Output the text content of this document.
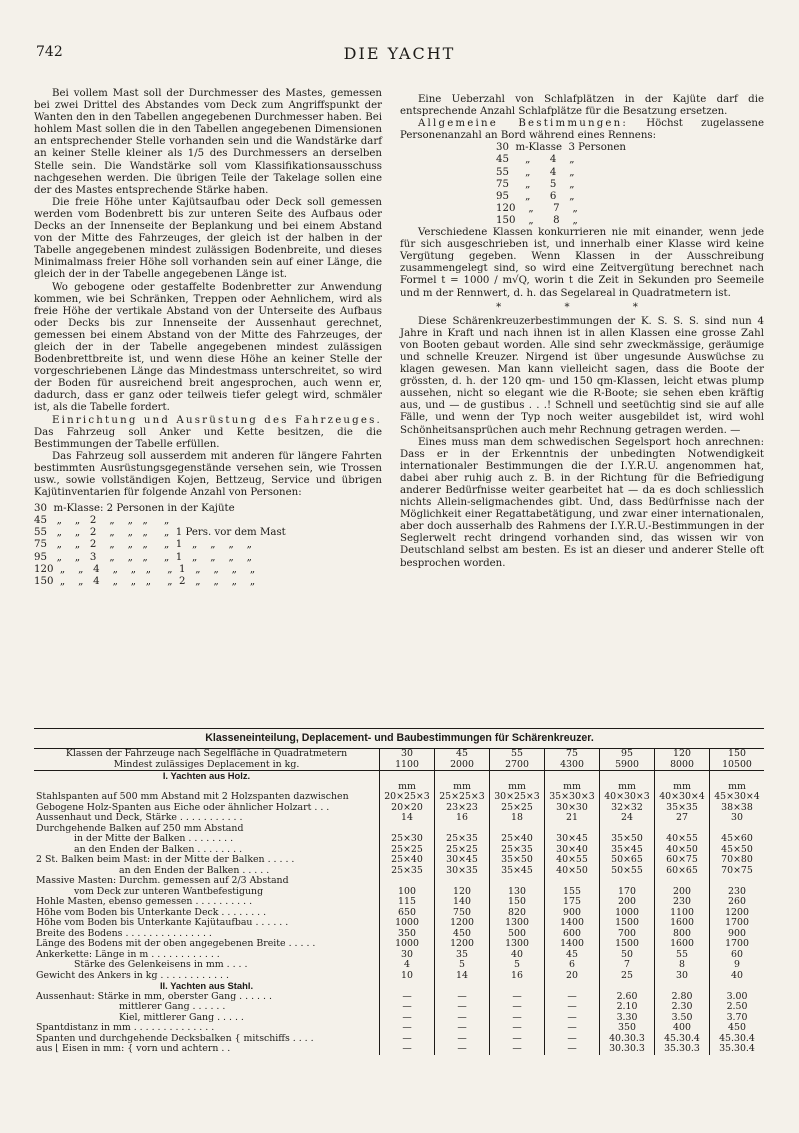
742	DIE YACHT

Bei vollem Mast soll der Durchmesser des Mastes, gemessen bei zwei Drittel des Abstandes vom Deck zum Angriffspunkt der Wanten den in den Tabellen angegebenen Durchmesser haben. Bei hohlem Mast sollen die in den Tabellen angegebenen Dimensionen an entsprechender Stelle vorhanden sein und die Wandstärke darf an keiner Stelle kleiner als 1/5 des Durchmessers an derselben Stelle sein. Die Wandstärke soll vom Klassifikationsausschuss nachgesehen werden. Die übrigen Teile der Takelage sollen eine der des Mastes entsprechende Stärke haben.

Die freie Höhe unter Kajütsaufbau oder Deck soll gemessen werden vom Bodenbrett bis zur unteren Seite des Aufbaus oder Decks an der Innenseite der Beplankung und bei einem Abstand von der Mitte des Fahrzeuges, der gleich ist der halben in der Tabelle angegebenen mindest zulässigen Bodenbreite, und dieses Minimalmass freier Höhe soll vorhanden sein auf einer Länge, die gleich der in der Tabelle angegebenen Länge ist.

Wo gebogene oder gestaffelte Bodenbretter zur Anwendung kommen, wie bei Schränken, Treppen oder Aehnlichem, wird als freie Höhe der vertikale Abstand von der Unterseite des Aufbaus oder Decks bis zur Innenseite der Aussenhaut gerechnet, gemessen bei einem Abstand von der Mitte des Fahrzeuges, der gleich der in der Tabelle angegebenen mindest zulässigen Bodenbrettbreite ist, und wenn diese Höhe an keiner Stelle der vorgeschriebenen Länge das Mindestmass unterschreitet, so wird der Boden für ausreichend breit angesprochen, auch wenn er, dadurch, dass er ganz oder teilweis tiefer gelegt wird, schmäler ist, als die Tabelle fordert.

Einrichtung und Ausrüstung des Fahrzeuges. Das Fahrzeug soll Anker und Kette besitzen, die die Bestimmungen der Tabelle erfüllen.

Das Fahrzeug soll ausserdem mit anderen für längere Fahrten bestimmten Ausrüstungsgegenstände versehen sein, wie Trossen usw., sowie vollständigen Kojen, Bettzeug, Service und übrigen Kajütinventarien für folgende Anzahl von Personen:

30  m-Klasse: 2 Personen in der Kajüte
45   „    „   2    „    „   „     „
55   „    „   2    „    „   „     „  1 Pers. vor dem Mast
75   „    „   2    „    „   „     „  1   „    „    „    „
95   „    „   3    „    „   „     „  1   „    „    „    „
120  „    „   4    „    „   „     „  1   „    „    „    „
150  „    „   4    „    „   „     „  2   „    „    „    „

Eine Ueberzahl von Schlafplätzen in der Kajüte darf die entsprechende Anzahl Schlafplätze für die Besatzung ersetzen.

Allgemeine Bestimmungen: Höchst zugelassene Personenanzahl an Bord während eines Rennens:

30  m-Klasse  3 Personen
45     „      4    „
55     „      4    „
75     „      5    „
95     „      6    „
120    „      7    „
150    „      8    „

Verschiedene Klassen konkurrieren nie mit einander, wenn jede für sich ausgeschrieben ist, und innerhalb einer Klasse wird keine Vergütung gegeben. Wenn Klassen in der Ausschreibung zusammengelegt sind, so wird eine Zeitvergütung berechnet nach Formel t = 1000 / m√Q, worin t die Zeit in Sekunden pro Seemeile und m der Rennwert, d. h. das Segelareal in Quadratmetern ist.

* * *

Diese Schärenkreuzerbestimmungen der K. S. S. S. sind nun 4 Jahre in Kraft und nach ihnen ist in allen Klassen eine grosse Zahl von Booten gebaut worden. Alle sind sehr zweckmässige, geräumige und schnelle Kreuzer. Nirgend ist über ungesunde Auswüchse zu klagen gewesen. Man kann vielleicht sagen, dass die Boote der grössten, d. h. der 120 qm- und 150 qm-Klassen, leicht etwas plump aussehen, nicht so elegant wie die R-Boote; sie sehen eben kräftig aus, und — de gustibus . . .! Schnell und seetüchtig sind sie auf alle Fälle, und wenn der Typ noch weiter ausgebildet ist, wird wohl Schönheitsansprüchen auch mehr Rechnung getragen werden. —

Eines muss man dem schwedischen Segelsport hoch anrechnen: Dass er in der Erkenntnis der unbedingten Notwendigkeit internationaler Bestimmungen die der I.Y.R.U. angenommen hat, dabei aber ruhig auch z. B. in der Richtung für die Befriedigung anderer Bedürfnisse weiter gearbeitet hat — da es doch schliesslich nichts Allein-seligmachendes gibt. Und, dass Bedürfnisse nach der Möglichkeit einer Regattabetätigung, und zwar einer internationalen, aber doch ausserhalb des Rahmens der I.Y.R.U.-Bestimmungen in der Seglerwelt recht dringend vorhanden sind, das wissen wir von Deutschland selbst am besten. Es ist an dieser und anderer Stelle oft besprochen worden.

Klasseneinteilung, Deplacement- und Baubestimmungen für Schärenkreuzer.
Klassen der Fahrzeuge nach Segelfläche in Quadratmetern	30	45	55	75	95	120	150
Mindest zulässiges Deplacement in kg.	1100	2000	2700	4300	5900	8000	10500
I. Yachten aus Holz.							
	mm	mm	mm	mm	mm	mm	mm
Stahlspanten auf 500 mm Abstand mit 2 Holzspanten dazwischen	20×25×3	25×25×3	30×25×3	35×30×3	40×30×3	40×30×4	45×30×4
Gebogene Holz-Spanten aus Eiche oder ähnlicher Holzart . . .	20×20	23×23	25×25	30×30	32×32	35×35	38×38
Aussenhaut und Deck, Stärke . . . . . . . . . . .	14	16	18	21	24	27	30
Durchgehende Balken auf 250 mm Abstand							
in der Mitte der Balken . . . . . . . .	25×30	25×35	25×40	30×45	35×50	40×55	45×60
an den Enden der Balken . . . . . . . .	25×25	25×25	25×35	30×40	35×45	40×50	45×50
2 St. Balken beim Mast: in der Mitte der Balken . . . . .	25×40	30×45	35×50	40×55	50×65	60×75	70×80
an den Enden der Balken . . . . .	25×35	30×35	35×45	40×50	50×55	60×65	70×75
Massive Masten: Durchm. gemessen auf 2/3 Abstand							
vom Deck zur unteren Wantbefestigung	100	120	130	155	170	200	230
Hohle Masten, ebenso gemessen . . . . . . . . . .	115	140	150	175	200	230	260
Höhe vom Boden bis Unterkante Deck . . . . . . . .	650	750	820	900	1000	1100	1200
Höhe vom Boden bis Unterkante Kajütaufbau . . . . . .	1000	1200	1300	1400	1500	1600	1700
Breite des Bodens . . . . . . . . . . . . . . .	350	450	500	600	700	800	900
Länge des Bodens mit der oben angegebenen Breite . . . . .	1000	1200	1300	1400	1500	1600	1700
Ankerkette: Länge in m . . . . . . . . . . . .	30	35	40	45	50	55	60
Stärke des Gelenkeisens in mm . . . .	4	5	5	6	7	8	9
Gewicht des Ankers in kg . . . . . . . . . . . .	10	14	16	20	25	30	40
II. Yachten aus Stahl.							
Aussenhaut: Stärke in mm, oberster Gang . . . . . .	—	—	—	—	2.60	2.80	3.00
mittlerer Gang . . . . . .	—	—	—	—	2.10	2.30	2.50
Kiel, mittlerer Gang . . . . .	—	—	—	—	3.30	3.50	3.70
Spantdistanz in mm . . . . . . . . . . . . . .	—	—	—	—	350	400	450
Spanten und durchgehende Decksbalken { mitschiffs . . . .	—	—	—	—	40.30.3	45.30.4	45.30.4
aus ⌊ Eisen in mm: { vorn und achtern . .	—	—	—	—	30.30.3	35.30.3	35.30.4
